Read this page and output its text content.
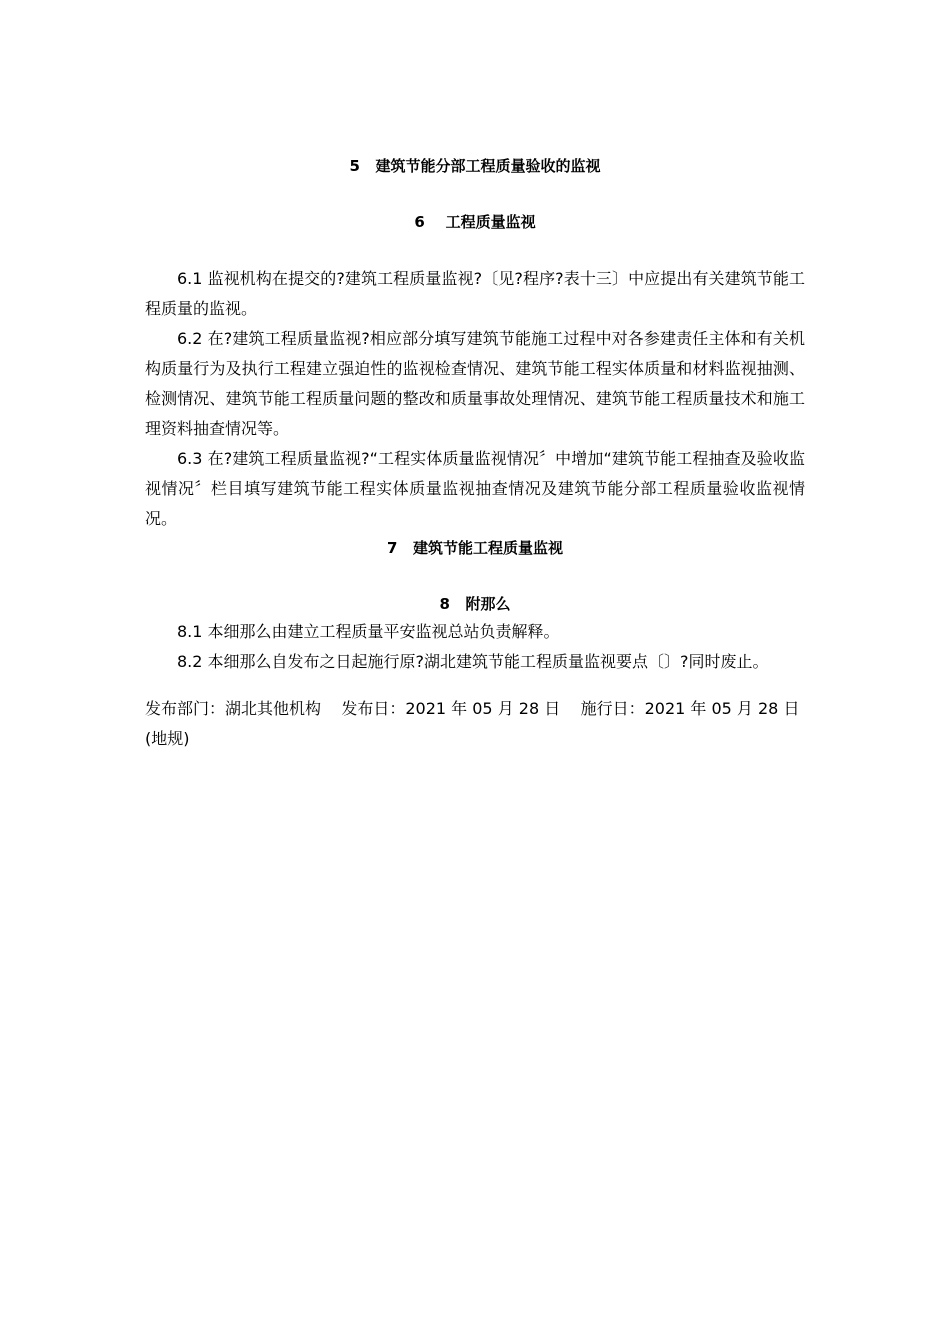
5   建筑节能分部工程质量验收的监视
6    工程质量监视
6.1 监视机构在提交的?建筑工程质量监视?〔见?程序?表十三〕中应提出有关建筑节能工程质量的监视。
6.2 在?建筑工程质量监视?相应部分填写建筑节能施工过程中对各参建责任主体和有关机构质量行为及执行工程建立强迫性的监视检查情况、建筑节能工程实体质量和材料监视抽测、检测情况、建筑节能工程质量问题的整改和质量事故处理情况、建筑节能工程质量技术和施工理资料抽查情况等。
6.3 在?建筑工程质量监视?“工程实体质量监视情况〞中增加“建筑节能工程抽查及验收监视情况〞栏目填写建筑节能工程实体质量监视抽查情况及建筑节能分部工程质量验收监视情况。
7   建筑节能工程质量监视
8   附那么
8.1 本细那么由建立工程质量平安监视总站负责解释。
8.2 本细那么自发布之日起施行原?湖北建筑节能工程质量监视要点〔〕?同时废止。
发布部门：湖北其他机构 发布日：2021 年 05 月 28 日 施行日：2021 年 05 月 28 日
(地规)
